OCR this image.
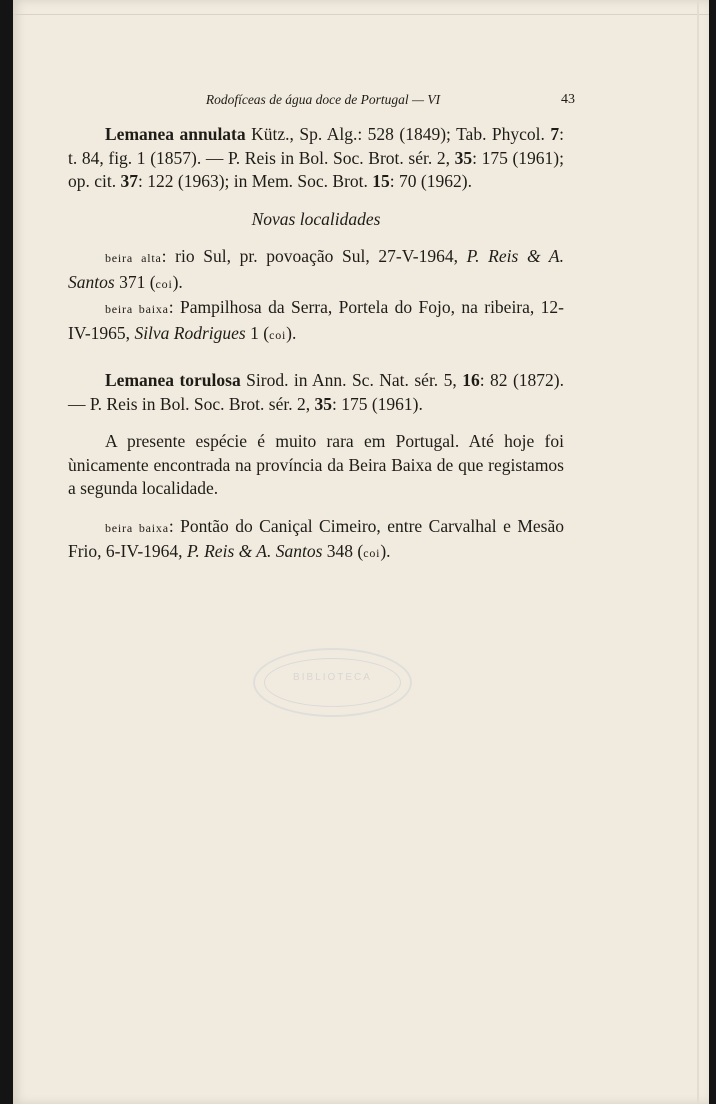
Rodofíceas de água doce de Portugal — VI	43

Lemanea annulata Kütz., Sp. Alg.: 528 (1849); Tab. Phycol. 7: t. 84, fig. 1 (1857). — P. Reis in Bol. Soc. Brot. sér. 2, 35: 175 (1961); op. cit. 37: 122 (1963); in Mem. Soc. Brot. 15: 70 (1962).

Novas localidades

beira alta: rio Sul, pr. povoação Sul, 27-V-1964, P. Reis & A. Santos 371 (coi).

beira baixa: Pampilhosa da Serra, Portela do Fojo, na ribeira, 12-IV-1965, Silva Rodrigues 1 (coi).

Lemanea torulosa Sirod. in Ann. Sc. Nat. sér. 5, 16: 82 (1872). — P. Reis in Bol. Soc. Brot. sér. 2, 35: 175 (1961).

A presente espécie é muito rara em Portugal. Até hoje foi ùnicamente encontrada na província da Beira Baixa de que registamos a segunda localidade.

beira baixa: Pontão do Caniçal Cimeiro, entre Carvalhal e Mesão Frio, 6-IV-1964, P. Reis & A. Santos 348 (coi).

BIBLIOTECA
